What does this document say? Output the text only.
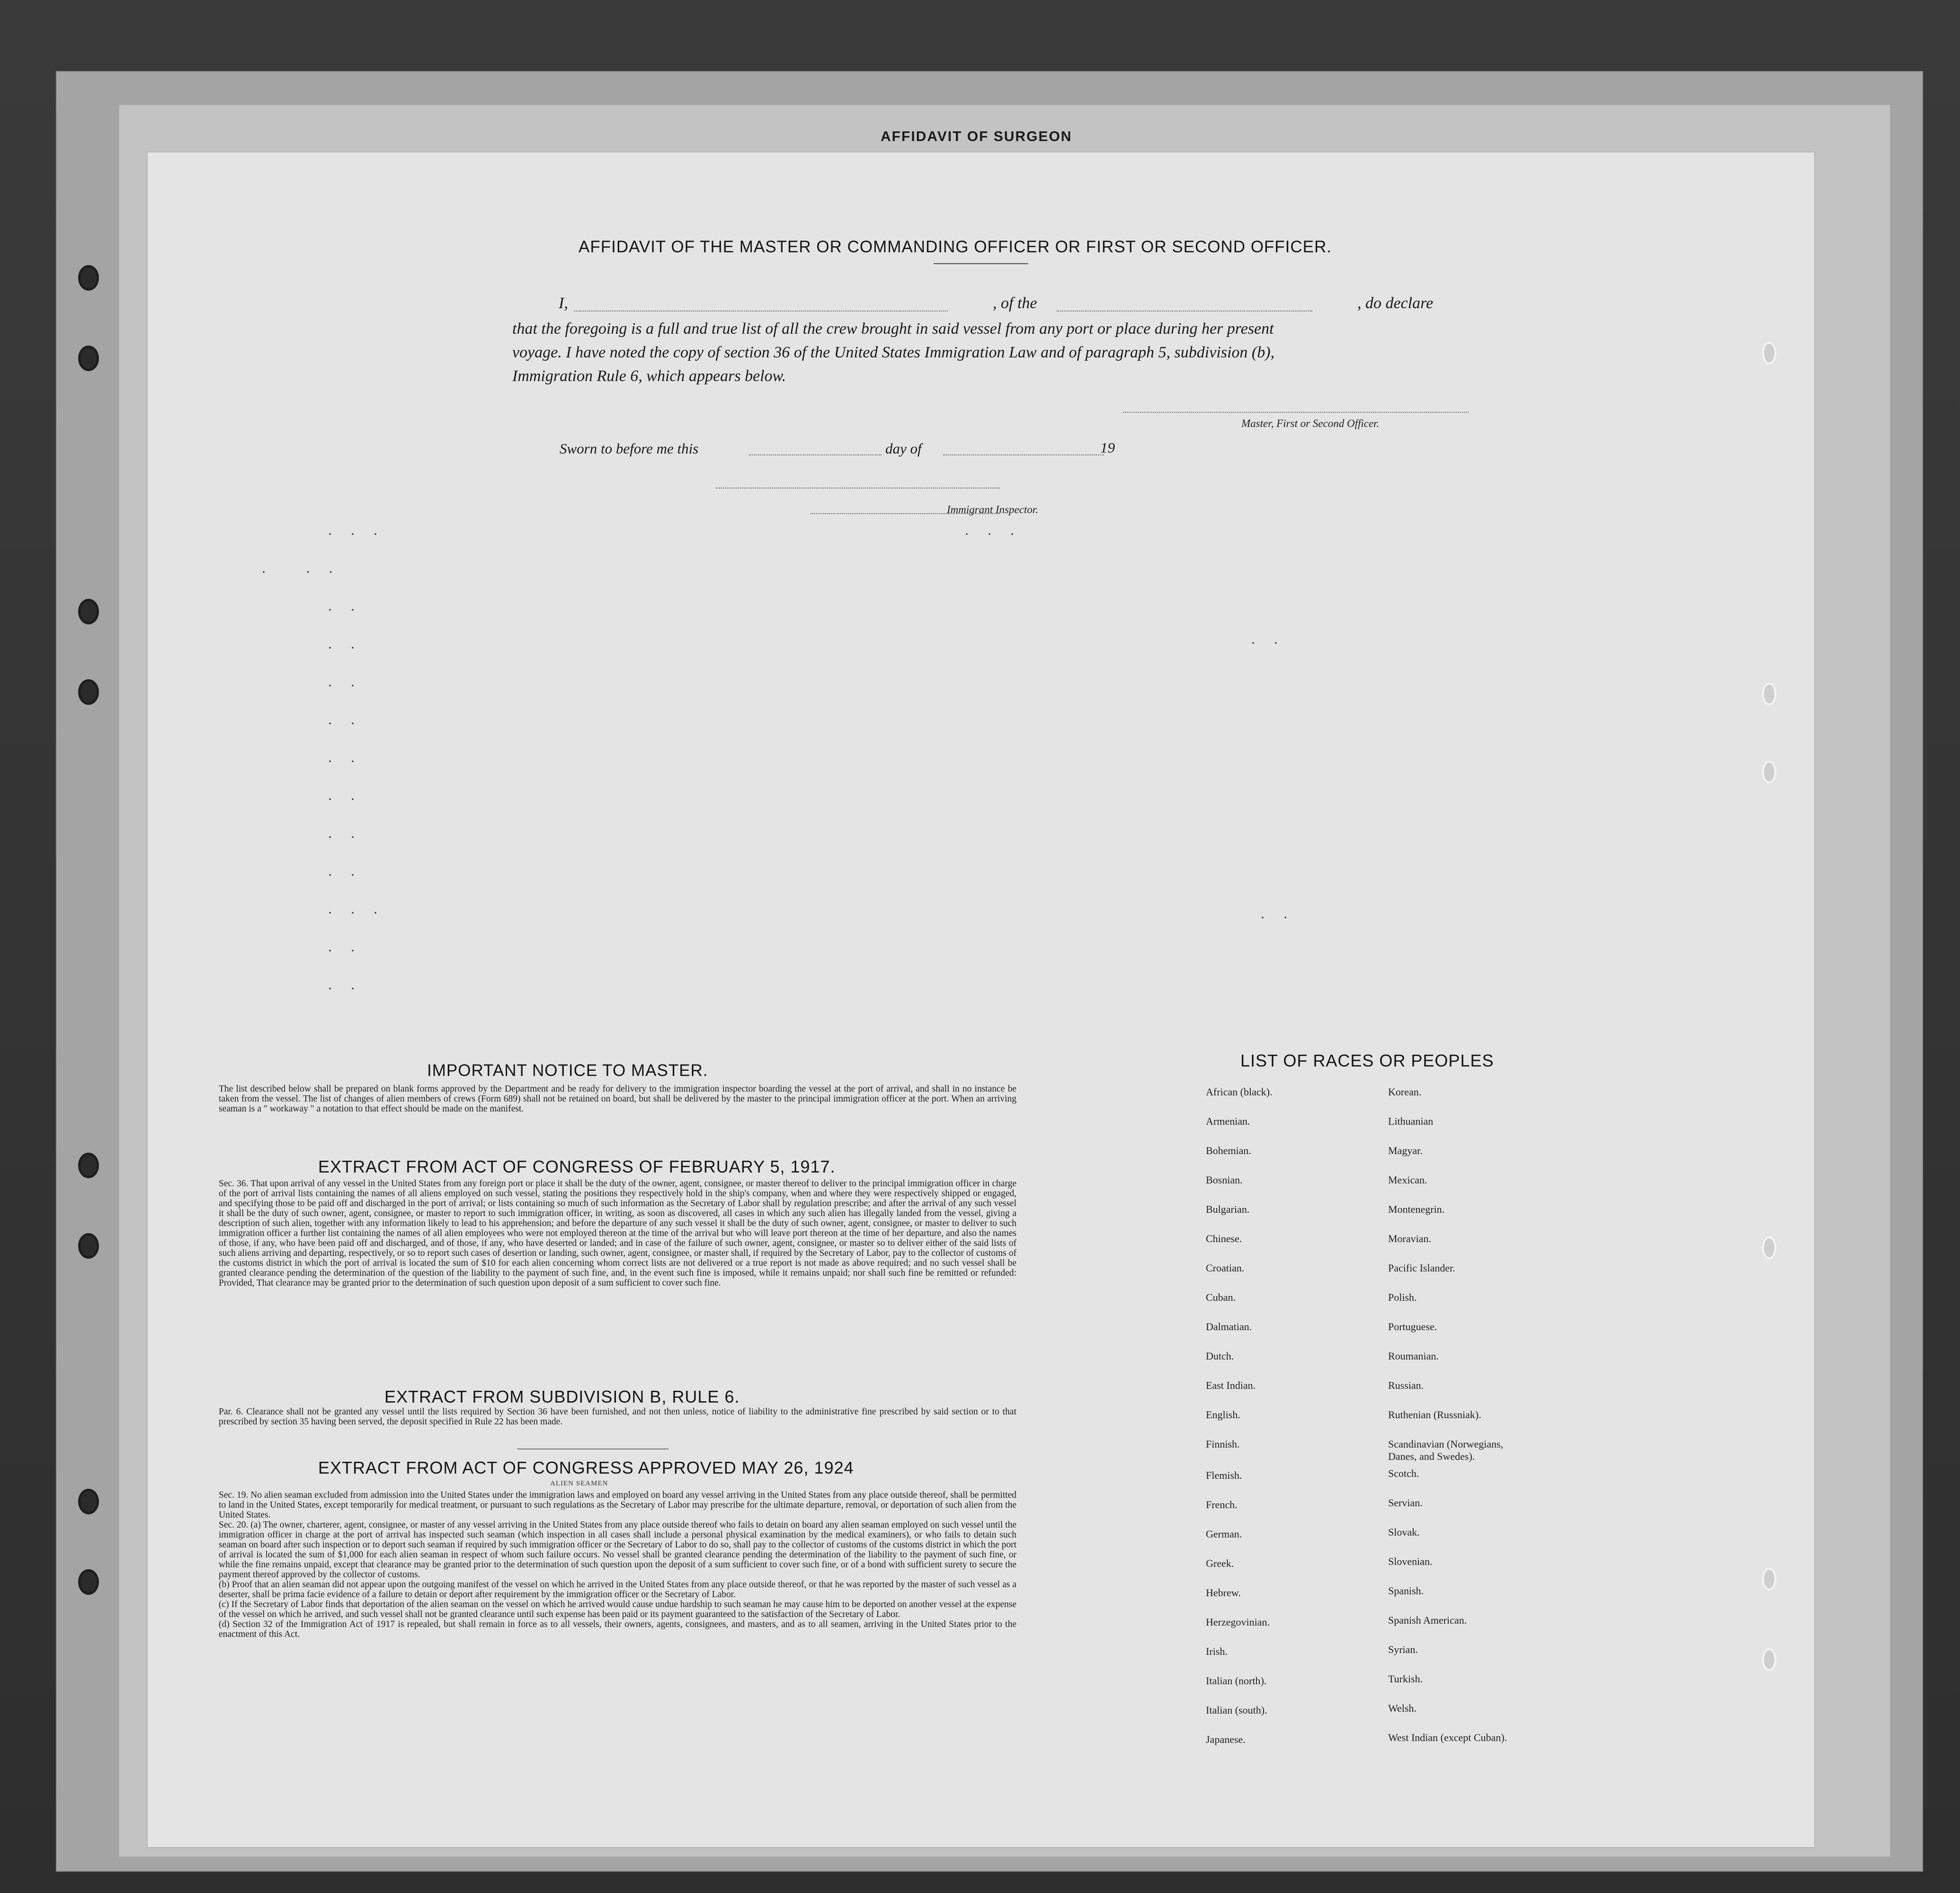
AFFIDAVIT OF SURGEON
AFFIDAVIT OF THE MASTER OR COMMANDING OFFICER OR FIRST OR SECOND OFFICER.
I,	, of the	, do declare
that the foregoing is a full and true list of all the crew brought in said vessel from any port or place during her present
voyage. I have noted the copy of section 36 of the United States Immigration Law and of paragraph 5, subdivision (b),
Immigration Rule 6, which appears below.
Master, First or Second Officer.
Sworn to before me this	day of	19
Immigrant Inspector.
···
· ··
··
··
··
··
··
··
··
··
···
··
··
···
··
··
IMPORTANT NOTICE TO MASTER.
The list described below shall be prepared on blank forms approved by the Department and be ready for delivery to the immigration inspector boarding the vessel at the port of arrival, and shall in no instance be taken from the vessel. The list of changes of alien members of crews (Form 689) shall not be retained on board, but shall be delivered by the master to the principal immigration officer at the port. When an arriving seaman is a " workaway " a notation to that effect should be made on the manifest.
EXTRACT FROM ACT OF CONGRESS OF FEBRUARY 5, 1917.
Sec. 36. That upon arrival of any vessel in the United States from any foreign port or place it shall be the duty of the owner, agent, consignee, or master thereof to deliver to the principal immigration officer in charge of the port of arrival lists containing the names of all aliens employed on such vessel, stating the positions they respectively hold in the ship's company, when and where they were respectively shipped or engaged, and specifying those to be paid off and discharged in the port of arrival; or lists containing so much of such information as the Secretary of Labor shall by regulation prescribe; and after the arrival of any such vessel it shall be the duty of such owner, agent, consignee, or master to report to such immigration officer, in writing, as soon as discovered, all cases in which any such alien has illegally landed from the vessel, giving a description of such alien, together with any information likely to lead to his apprehension; and before the departure of any such vessel it shall be the duty of such owner, agent, consignee, or master to deliver to such immigration officer a further list containing the names of all alien employees who were not employed thereon at the time of the arrival but who will leave port thereon at the time of her departure, and also the names of those, if any, who have been paid off and discharged, and of those, if any, who have deserted or landed; and in case of the failure of such owner, agent, consignee, or master so to deliver either of the said lists of such aliens arriving and departing, respectively, or so to report such cases of desertion or landing, such owner, agent, consignee, or master shall, if required by the Secretary of Labor, pay to the collector of customs of the customs district in which the port of arrival is located the sum of $10 for each alien concerning whom correct lists are not delivered or a true report is not made as above required; and no such vessel shall be granted clearance pending the determination of the question of the liability to the payment of such fine, and, in the event such fine is imposed, while it remains unpaid; nor shall such fine be remitted or refunded: Provided, That clearance may be granted prior to the determination of such question upon deposit of a sum sufficient to cover such fine.
EXTRACT FROM SUBDIVISION B, RULE 6.
Par. 6. Clearance shall not be granted any vessel until the lists required by Section 36 have been furnished, and not then unless, notice of liability to the administrative fine prescribed by said section or to that prescribed by section 35 having been served, the deposit specified in Rule 22 has been made.
EXTRACT FROM ACT OF CONGRESS APPROVED MAY 26, 1924
ALIEN SEAMEN
Sec. 19. No alien seaman excluded from admission into the United States under the immigration laws and employed on board any vessel arriving in the United States from any place outside thereof, shall be permitted to land in the United States, except temporarily for medical treatment, or pursuant to such regulations as the Secretary of Labor may prescribe for the ultimate departure, removal, or deportation of such alien from the United States.
Sec. 20. (a) The owner, charterer, agent, consignee, or master of any vessel arriving in the United States from any place outside thereof who fails to detain on board any alien seaman employed on such vessel until the immigration officer in charge at the port of arrival has inspected such seaman (which inspection in all cases shall include a personal physical examination by the medical examiners), or who fails to detain such seaman on board after such inspection or to deport such seaman if required by such immigration officer or the Secretary of Labor to do so, shall pay to the collector of customs of the customs district in which the port of arrival is located the sum of $1,000 for each alien seaman in respect of whom such failure occurs. No vessel shall be granted clearance pending the determination of the liability to the payment of such fine, or while the fine remains unpaid, except that clearance may be granted prior to the determination of such question upon the deposit of a sum sufficient to cover such fine, or of a bond with sufficient surety to secure the payment thereof approved by the collector of customs.
(b) Proof that an alien seaman did not appear upon the outgoing manifest of the vessel on which he arrived in the United States from any place outside thereof, or that he was reported by the master of such vessel as a deserter, shall be prima facie evidence of a failure to detain or deport after requirement by the immigration officer or the Secretary of Labor.
(c) If the Secretary of Labor finds that deportation of the alien seaman on the vessel on which he arrived would cause undue hardship to such seaman he may cause him to be deported on another vessel at the expense of the vessel on which he arrived, and such vessel shall not be granted clearance until such expense has been paid or its payment guaranteed to the satisfaction of the Secretary of Labor.
(d) Section 32 of the Immigration Act of 1917 is repealed, but shall remain in force as to all vessels, their owners, agents, consignees, and masters, and as to all seamen, arriving in the United States prior to the enactment of this Act.
LIST OF RACES OR PEOPLES
African (black).
Armenian.
Bohemian.
Bosnian.
Bulgarian.
Chinese.
Croatian.
Cuban.
Dalmatian.
Dutch.
East Indian.
English.
Finnish.
Flemish.
French.
German.
Greek.
Hebrew.
Herzegovinian.
Irish.
Italian (north).
Italian (south).
Japanese.
Korean.
Lithuanian
Magyar.
Mexican.
Montenegrin.
Moravian.
Pacific Islander.
Polish.
Portuguese.
Roumanian.
Russian.
Ruthenian (Russniak).
Scandinavian (Norwegians,
Danes, and Swedes).
Scotch.
Servian.
Slovak.
Slovenian.
Spanish.
Spanish American.
Syrian.
Turkish.
Welsh.
West Indian (except Cuban).
